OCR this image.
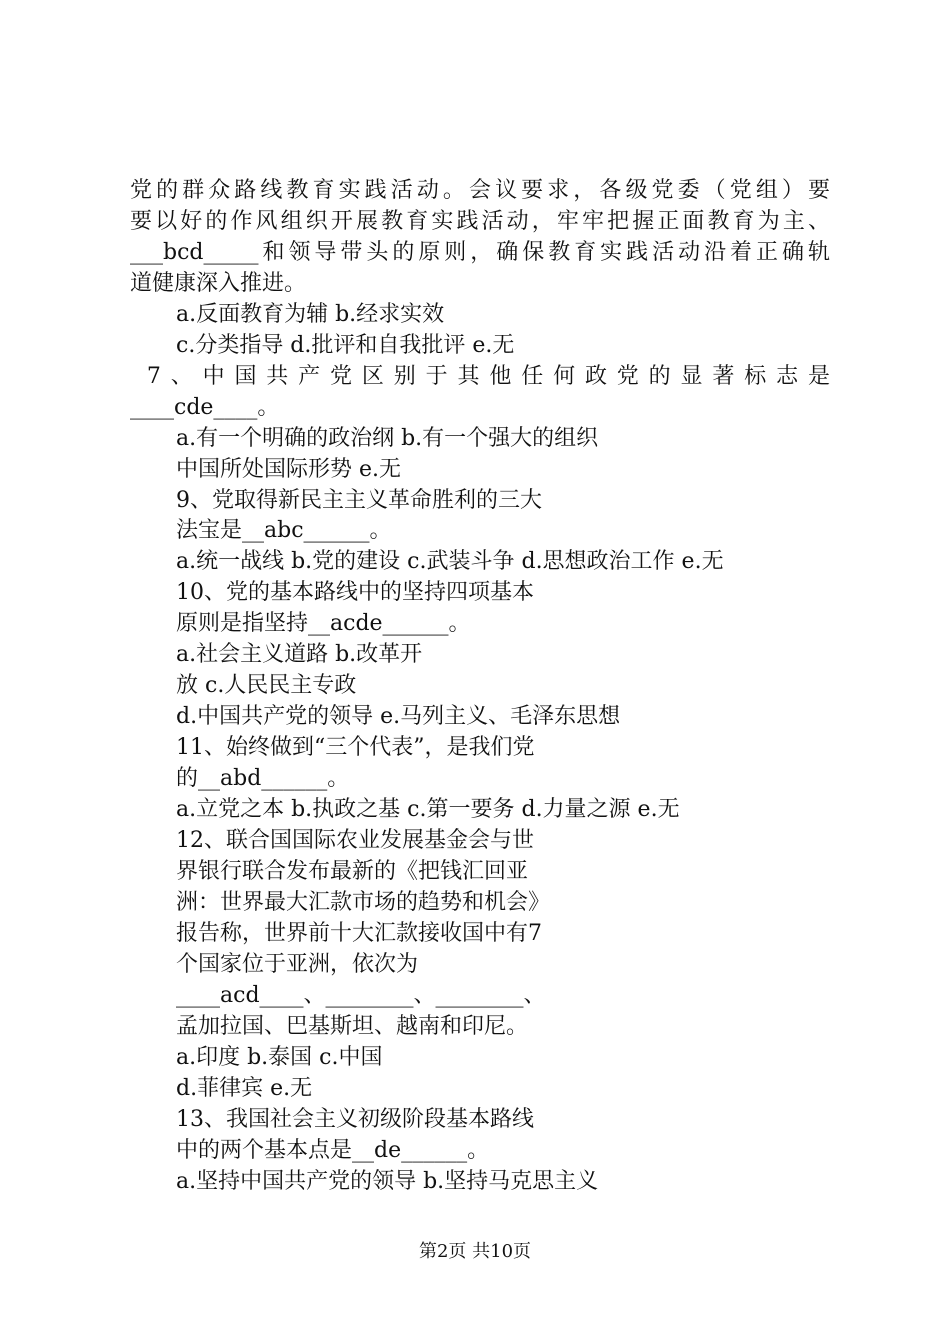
党的群众路线教育实践活动。会议要求，各级党委（党组）要
要以好的作风组织开展教育实践活动，牢牢把握正面教育为主、
___bcd_____和领导带头的原则，确保教育实践活动沿着正确轨
道健康深入推进。
a.反面教育为辅 b.经求实效
c.分类指导 d.批评和自我批评 e.无
7、中国共产党区别于其他任何政党的显著标志是
____cde____。
a.有一个明确的政治纲 b.有一个强大的组织
中国所处国际形势 e.无
9、党取得新民主主义革命胜利的三大
法宝是__abc______。
a.统一战线 b.党的建设 c.武装斗争 d.思想政治工作 e.无
10、党的基本路线中的坚持四项基本
原则是指坚持__acde______。
a.社会主义道路 b.改革开
放 c.人民民主专政
d.中国共产党的领导 e.马列主义、毛泽东思想
11、始终做到“三个代表”，是我们党
的__abd______。
a.立党之本 b.执政之基 c.第一要务 d.力量之源 e.无
12、联合国国际农业发展基金会与世
界银行联合发布最新的《把钱汇回亚
洲：世界最大汇款市场的趋势和机会》
报告称，世界前十大汇款接收国中有7
个国家位于亚洲，依次为
____acd____、________、________、
孟加拉国、巴基斯坦、越南和印尼。
a.印度 b.泰国 c.中国
d.菲律宾 e.无
13、我国社会主义初级阶段基本路线
中的两个基本点是__de______。
a.坚持中国共产党的领导 b.坚持马克思主义
第2页 共10页
